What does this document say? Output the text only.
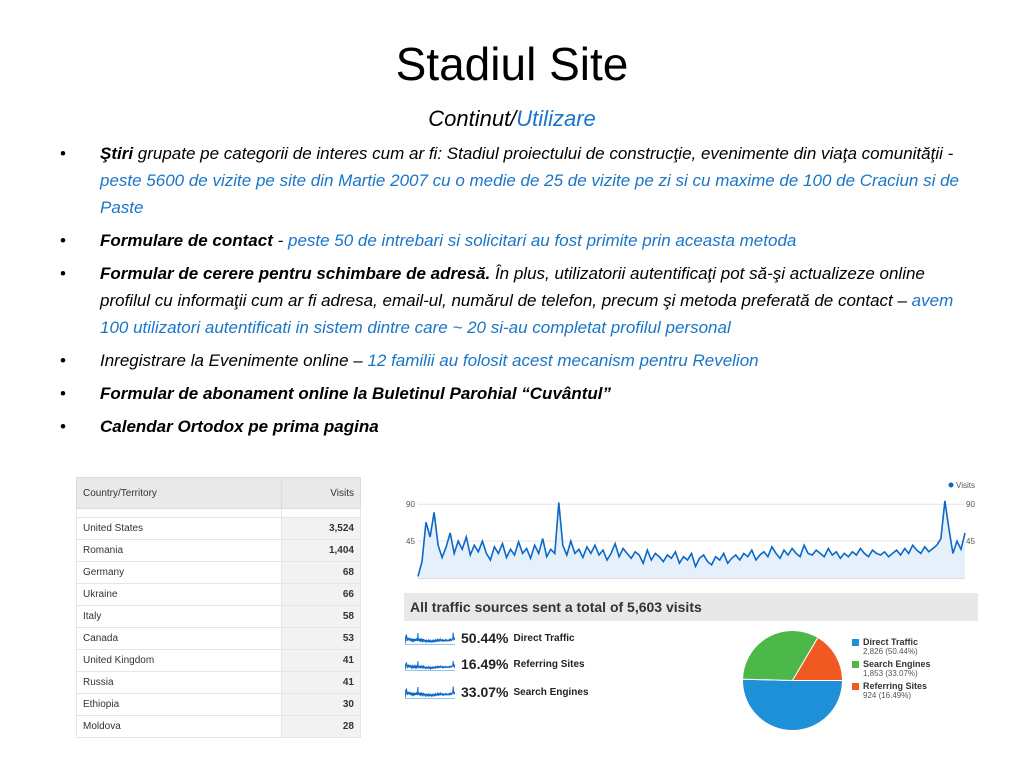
Stadiul Site
Continut/Utilizare
• Ştiri grupate pe categorii de interes cum ar fi: Stadiul proiectului de construcţie, evenimente din viaţa comunităţii - peste 5600 de vizite pe site din Martie 2007 cu o medie de 25 de vizite pe zi si cu maxime de 100 de Craciun si de Paste
• Formulare de contact - peste 50 de intrebari si solicitari au fost primite prin aceasta metoda
• Formular de cerere pentru schimbare de adresă. În plus, utilizatorii autentificaţi pot să-şi actualizeze online profilul cu informaţii cum ar fi adresa, email-ul, numărul de telefon, precum şi metoda preferată de contact – avem 100 utilizatori autentificati in sistem dintre care ~ 20 si-au completat profilul personal
• Inregistrare la Evenimente online – 12 familii au folosit acest mecanism pentru Revelion
• Formular de abonament online la Buletinul Parohial “Cuvântul”
• Calendar Ortodox pe prima pagina
Country/Territory	Visits

United States	3,524
Romania	1,404
Germany	68
Ukraine	66
Italy	58
Canada	53
United Kingdom	41
Russia	41
Ethiopia	30
Moldova	28
45	45
90	90
Visits
All traffic sources sent a total of 5,603 visits
50.44% Direct Traffic
16.49% Referring Sites
33.07% Search Engines
Direct Traffic
2,826 (50.44%)
Search Engines
1,853 (33.07%)
Referring Sites
924 (16.49%)
